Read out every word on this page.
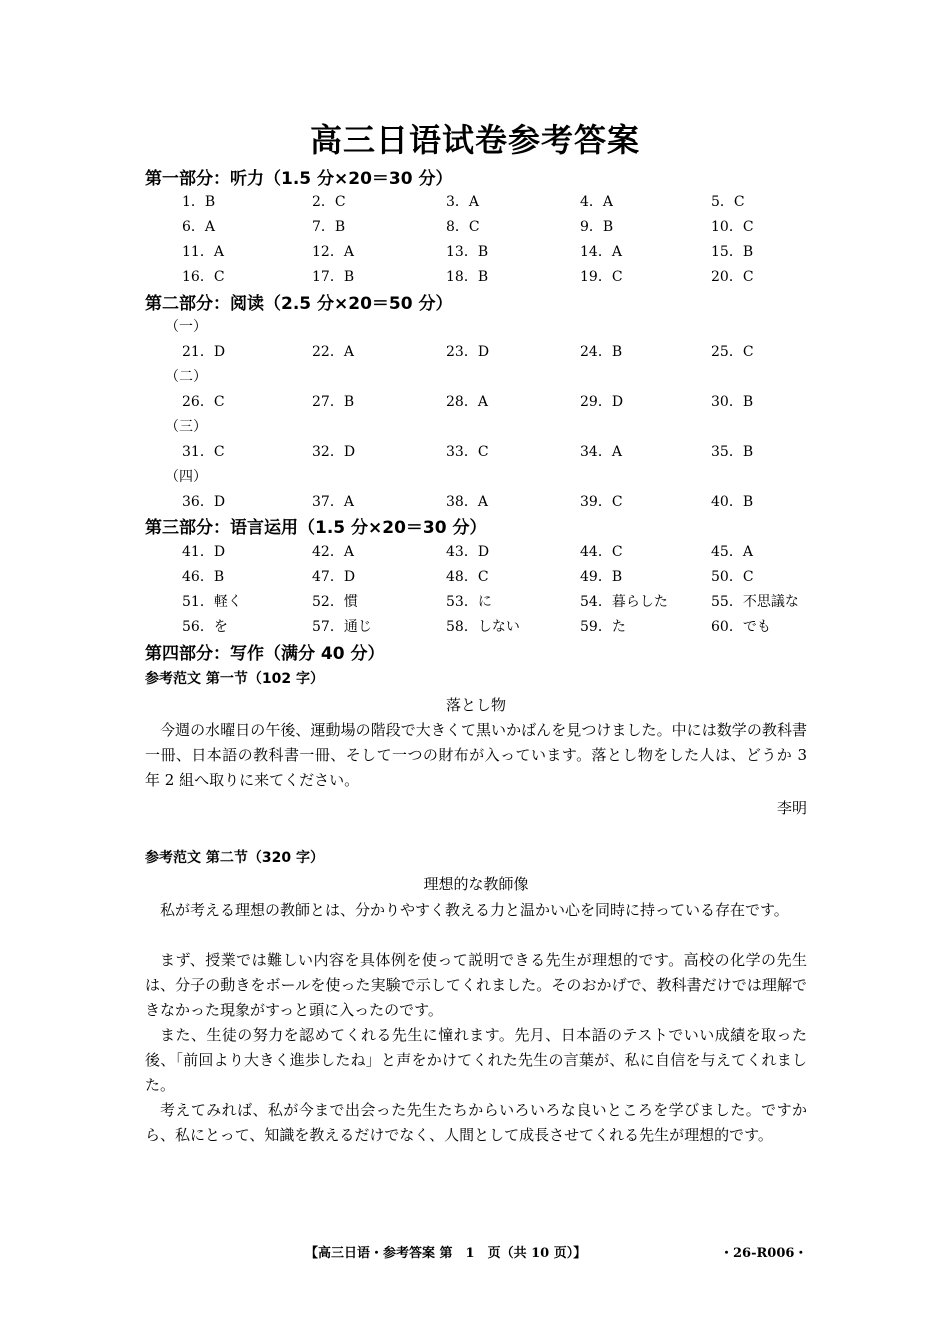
高三日语试卷参考答案
第一部分：听力（1.5 分×20＝30 分）
1．B	2．C	3．A	4．A	5．C
6．A	7．B	8．C	9．B	10．C
11．A	12．A	13．B	14．A	15．B
16．C	17．B	18．B	19．C	20．C
第二部分：阅读（2.5 分×20＝50 分）
（一）
21．D	22．A	23．D	24．B	25．C
（二）
26．C	27．B	28．A	29．D	30．B
（三）
31．C	32．D	33．C	34．A	35．B
（四）
36．D	37．A	38．A	39．C	40．B
第三部分：语言运用（1.5 分×20＝30 分）
41．D	42．A	43．D	44．C	45．A
46．B	47．D	48．C	49．B	50．C
51．軽く	52．慣	53．に	54．暮らした	55．不思議な
56．を	57．通じ	58．しない	59．た	60．でも
第四部分：写作（满分 40 分）
参考范文 第一节（102 字）
落とし物
今週の水曜日の午後、運動場の階段で大きくて黒いかばんを見つけました。中には数学の教科書一冊、日本語の教科書一冊、そして一つの財布が入っています。落とし物をした人は、どうか 3 年 2 組へ取りに来てください。
李明
参考范文 第二节（320 字）
理想的な教師像
私が考える理想の教師とは、分かりやすく教える力と温かい心を同時に持っている存在です。
まず、授業では難しい内容を具体例を使って説明できる先生が理想的です。高校の化学の先生は、分子の動きをボールを使った実験で示してくれました。そのおかげで、教科書だけでは理解できなかった現象がすっと頭に入ったのです。
また、生徒の努力を認めてくれる先生に憧れます。先月、日本語のテストでいい成績を取った後、「前回より大きく進歩したね」と声をかけてくれた先生の言葉が、私に自信を与えてくれました。
考えてみれば、私が今まで出会った先生たちからいろいろな良いところを学びました。ですから、私にとって、知識を教えるだけでなく、人間として成長させてくれる先生が理想的です。
【高三日语・参考答案 第　1　页（共 10 页）】	・26-R006・
